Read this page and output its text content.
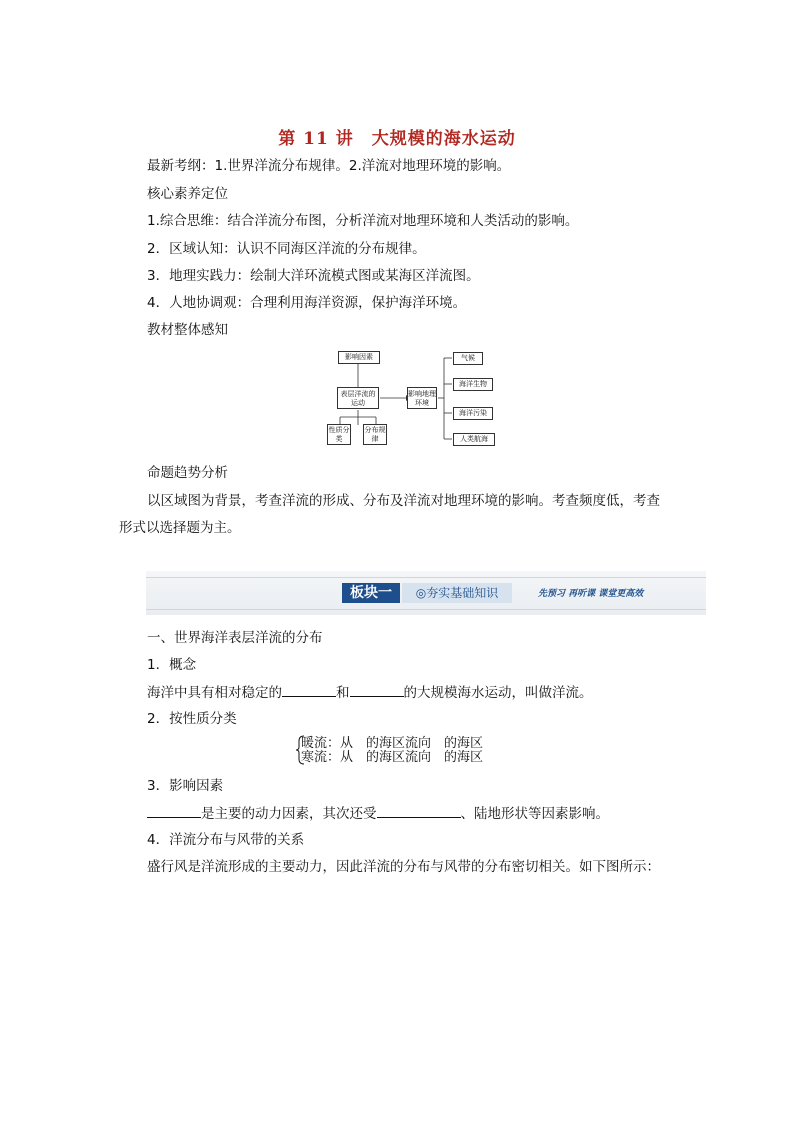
第 11 讲　大规模的海水运动
最新考纲：1.世界洋流分布规律。2.洋流对地理环境的影响。
核心素养定位
1.综合思维：结合洋流分布图，分析洋流对地理环境和人类活动的影响。
2．区域认知：认识不同海区洋流的分布规律。
3．地理实践力：绘制大洋环流模式图或某海区洋流图。
4．人地协调观：合理利用海洋资源，保护海洋环境。
教材整体感知
影响因素
表层洋流的运动
性质分类
分布规律
影响地理环境
气候
海洋生物
海洋污染
人类航海
命题趋势分析
以区域图为背景，考查洋流的形成、分布及洋流对地理环境的影响。考查频度低，考查
形式以选择题为主。
板块一	◎夯实基础知识	先预习 再听课 课堂更高效
一、世界海洋表层洋流的分布
1．概念
海洋中具有相对稳定的	和	的大规模海水运动，叫做洋流。
2．按性质分类
暖流：从　的海区流向　的海区
寒流：从　的海区流向　的海区
3．影响因素
是主要的动力因素，其次还受	、陆地形状等因素影响。
4．洋流分布与风带的关系
盛行风是洋流形成的主要动力，因此洋流的分布与风带的分布密切相关。如下图所示：
